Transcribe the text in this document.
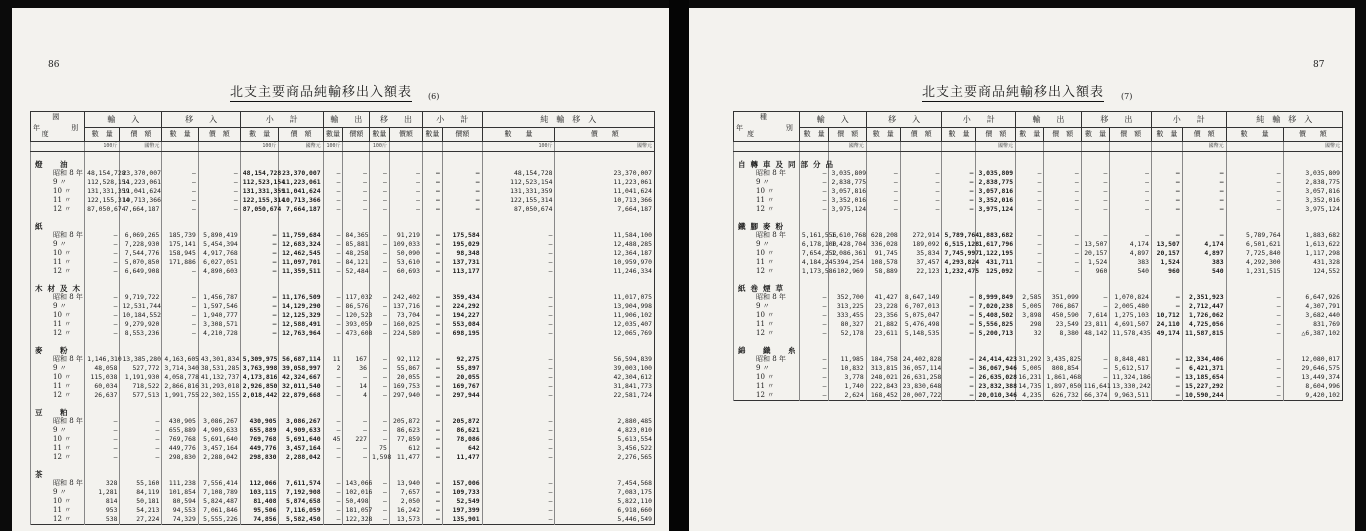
86
北支主要商品純輸移出入額表 (6)
國
年
度
別	輸　　入		移　　入		小　　計		輸　　出		移　　出		小　　計		純　輸　移　入	
	數　量	價　額	數　量	價　額	數　量	價　額	數量	價額	數量	價額	數量	價額	數　　量	價　　額
	100斤	國幣元			100斤	國幣元	100斤		100斤				100斤	國幣元
燈　油														
昭和 8 年	48,154,728	23,370,007	—	—	48,154,728	23,370,007	—	—	—	—	—	—	48,154,728	23,370,007
9 〃	112,528,154	11,223,061	—	—	112,523,154	11,223,061	—	—	—	—	—	—	112,523,154	11,223,061
10 〃	131,331,359	11,041,624	—	—	131,331,359	11,041,624	—	—	—	—	—	—	131,331,359	11,041,624
11 〃	122,155,314	10,713,366	—	—	122,155,314	10,713,366	—	—	—	—	—	—	122,155,314	10,713,366
12 〃	87,050,674	7,664,187	—	—	87,050,674	7,664,187	—	—	—	—	—	—	87,050,674	7,664,187
紙														
昭和 8 年	—	6,069,265	185,739	5,890,419	—	11,759,684	—	84,365	—	91,219	—	175,584	—	11,584,100
9 〃	—	7,228,930	175,141	5,454,394	—	12,683,324	—	85,881	—	109,033	—	195,029	—	12,488,285
10 〃	—	7,544,776	158,945	4,917,768	—	12,462,545	—	48,258	—	50,090	—	98,348	—	12,364,187
11 〃	—	5,070,850	171,886	6,027,051	—	11,097,701	—	84,121	—	53,610	—	137,731	—	10,959,970
12 〃	—	6,649,908	—	4,890,603	—	11,359,511	—	52,484	—	60,693	—	113,177	—	11,246,334
木材及木														
昭和 8 年	—	9,719,722	—	1,456,787	—	11,176,509	—	117,032	—	242,402	—	359,434	—	11,017,075
9 〃	—	12,531,744	—	1,597,546	—	14,129,290	—	86,576	—	137,716	—	224,292	—	13,904,998
10 〃	—	10,184,552	—	1,940,777	—	12,125,329	—	120,523	—	73,704	—	194,227	—	11,906,102
11 〃	—	9,279,920	—	3,308,571	—	12,588,491	—	393,059	—	160,025	—	553,084	—	12,035,407
12 〃	—	8,553,236	—	4,210,728	—	12,763,964	—	473,608	—	224,589	—	698,195	—	12,065,769
麥　粉														
昭和 8 年	1,146,310	13,385,280	4,163,605	43,301,834	5,309,975	56,687,114	11	167	—	92,112	—	92,275	—	56,594,839
9 〃	48,058	527,772	3,714,340	38,531,285	3,763,998	39,058,997	2	36	—	55,867	—	55,897	—	39,003,100
10 〃	115,038	1,191,930	4,058,778	41,132,737	4,173,816	42,324,667	—	—	—	20,055	—	20,055	—	42,304,612
11 〃	60,034	718,522	2,866,816	31,293,018	2,926,850	32,011,540	—	14	—	169,753	—	169,767	—	31,841,773
12 〃	26,637	577,513	1,991,755	22,302,155	2,018,442	22,879,668	—	4	—	297,940	—	297,944	—	22,581,724
豆　粕														
昭和 8 年	—	—	430,905	3,086,267	430,905	3,086,267	—	—	—	205,872	—	205,872	—	2,880,485
9 〃	—	—	655,889	4,909,633	655,889	4,909,633	—	—	—	86,623	—	86,621	—	4,823,010
10 〃	—	—	769,768	5,691,640	769,768	5,691,640	45	227	—	77,859	—	78,086	—	5,613,554
11 〃	—	—	449,776	3,457,164	449,776	3,457,164	—	—	75	612	—	642	—	3,456,522
12 〃	—	—	298,830	2,288,042	298,830	2,288,042	—	—	1,598	11,477	—	11,477	—	2,276,565
茶														
昭和 8 年	328	55,160	111,238	7,556,414	112,066	7,611,574	—	143,066	—	13,940	—	157,006	—	7,454,568
9 〃	1,281	84,119	101,854	7,108,789	103,115	7,192,908	—	102,016	—	7,657	—	109,733	—	7,083,175
10 〃	814	50,181	80,594	5,824,487	81,408	5,874,658	—	50,498	—	2,050	—	52,549	—	5,822,110
11 〃	953	54,213	94,553	7,061,846	95,506	7,116,059	—	181,057	—	16,242	—	197,399	—	6,918,660
12 〃	538	27,224	74,329	5,555,226	74,856	5,582,450	—	122,328	—	13,573	—	135,901	—	5,446,549
87
北支主要商品純輸移出入額表 (7)
種
年
度
別	輸　　入		移　　入		小　　計		輸　　出		移　　出		小　　計		純　輸　移　入	
	數　量	價　額	數　量	價　額	數　量	價　額	數　量	價　額	數　量	價　額	數　量	價　額	數　　量	價　　額
		國幣元				國幣元						國幣元		國幣元
自轉車及同部分品														
昭和 8 年	—	3,035,809	—	—	—	3,035,809	—	—	—	—	—	—	—	3,035,809
9 〃	—	2,838,775	—	—	—	2,838,775	—	—	—	—	—	—	—	2,838,775
10 〃	—	3,057,816	—	—	—	3,057,816	—	—	—	—	—	—	—	3,057,816
11 〃	—	3,352,016	—	—	—	3,352,016	—	—	—	—	—	—	—	3,352,016
12 〃	—	3,975,124	—	—	—	3,975,124	—	—	—	—	—	—	—	3,975,124
鐵腳麥粉														
昭和 8 年	5,161,556	1,610,768	628,208	272,914	5,789,764	1,883,682	—	—	—	—	—	—	5,789,764	1,883,682
9 〃	6,178,100	1,428,704	336,028	189,092	6,515,128	1,617,796	—	—	13,507	4,174	13,507	4,174	6,501,621	1,613,622
10 〃	7,654,252	1,086,361	91,745	35,834	7,745,997	1,122,195	—	—	20,157	4,897	20,157	4,897	7,725,840	1,117,298
11 〃	4,184,245	394,254	108,578	37,457	4,293,824	431,711	—	—	1,524	383	1,524	383	4,292,300	431,328
12 〃	1,173,586	102,969	58,889	22,123	1,232,475	125,092	—	—	960	540	960	540	1,231,515	124,552
紙巻煙草														
昭和 8 年	—	352,700	41,427	8,647,149	—	8,999,849	2,585	351,099	—	1,070,824	—	2,351,923	—	6,647,926
9 〃	—	313,225	23,228	6,707,013	—	7,020,238	5,005	706,867	—	2,005,480	—	2,712,447	—	4,307,791
10 〃	—	333,455	23,356	5,075,047	—	5,408,502	3,898	450,590	7,614	1,275,103	10,712	1,726,062	—	3,682,440
11 〃	—	80,327	21,882	5,476,498	—	5,556,825	298	23,549	23,811	4,691,507	24,110	4,725,056	—	831,769
12 〃	—	52,178	23,611	5,148,535	—	5,200,713	32	8,380	48,142	11,578,435	49,174	11,587,815	—	△6,387,102
綿　織　糸														
昭和 8 年	—	11,985	184,758	24,402,828	—	24,414,423	31,292	3,435,825	—	8,848,481	—	12,334,406	—	12,080,017
9 〃	—	10,832	313,815	36,057,114	—	36,067,946	5,005	808,854	—	5,612,517	—	6,421,371	—	29,646,575
10 〃	—	3,778	248,021	26,631,258	—	26,635,028	16,231	1,861,468	—	11,324,186	—	13,185,654	—	13,449,374
11 〃	—	1,740	222,843	23,830,648	—	23,832,388	14,735	1,897,050	116,641	13,330,242	—	15,227,292	—	8,604,996
12 〃	—	2,624	168,452	20,007,722	—	20,010,346	4,235	626,732	66,374	9,963,511	—	10,590,244	—	9,420,102
